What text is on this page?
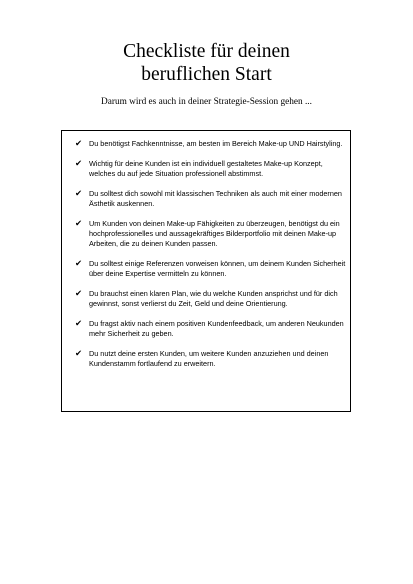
Checkliste für deinen
beruflichen Start
Darum wird es auch in deiner Strategie-Session gehen ...
✔ Du benötigst Fachkenntnisse, am besten im Bereich Make-up UND Hairstyling.
✔ Wichtig für deine Kunden ist ein individuell gestaltetes Make-up Konzept, welches du auf jede Situation professionell abstimmst.
✔ Du solltest dich sowohl mit klassischen Techniken als auch mit einer modernen Ästhetik auskennen.
✔ Um Kunden von deinen Make-up Fähigkeiten zu überzeugen, benötigst du ein hochprofessionelles und aussagekräftiges Bilderportfolio mit deinen Make-up Arbeiten, die zu deinen Kunden passen.
✔ Du solltest einige Referenzen vorweisen können, um deinem Kunden Sicherheit über deine Expertise vermitteln zu können.
✔ Du brauchst einen klaren Plan, wie du welche Kunden ansprichst und für dich gewinnst, sonst verlierst du Zeit, Geld und deine Orientierung.
✔ Du fragst aktiv nach einem positiven Kundenfeedback, um anderen Neukunden mehr Sicherheit zu geben.
✔ Du nutzt deine ersten Kunden, um weitere Kunden anzuziehen und deinen Kundenstamm fortlaufend zu erweitern.
